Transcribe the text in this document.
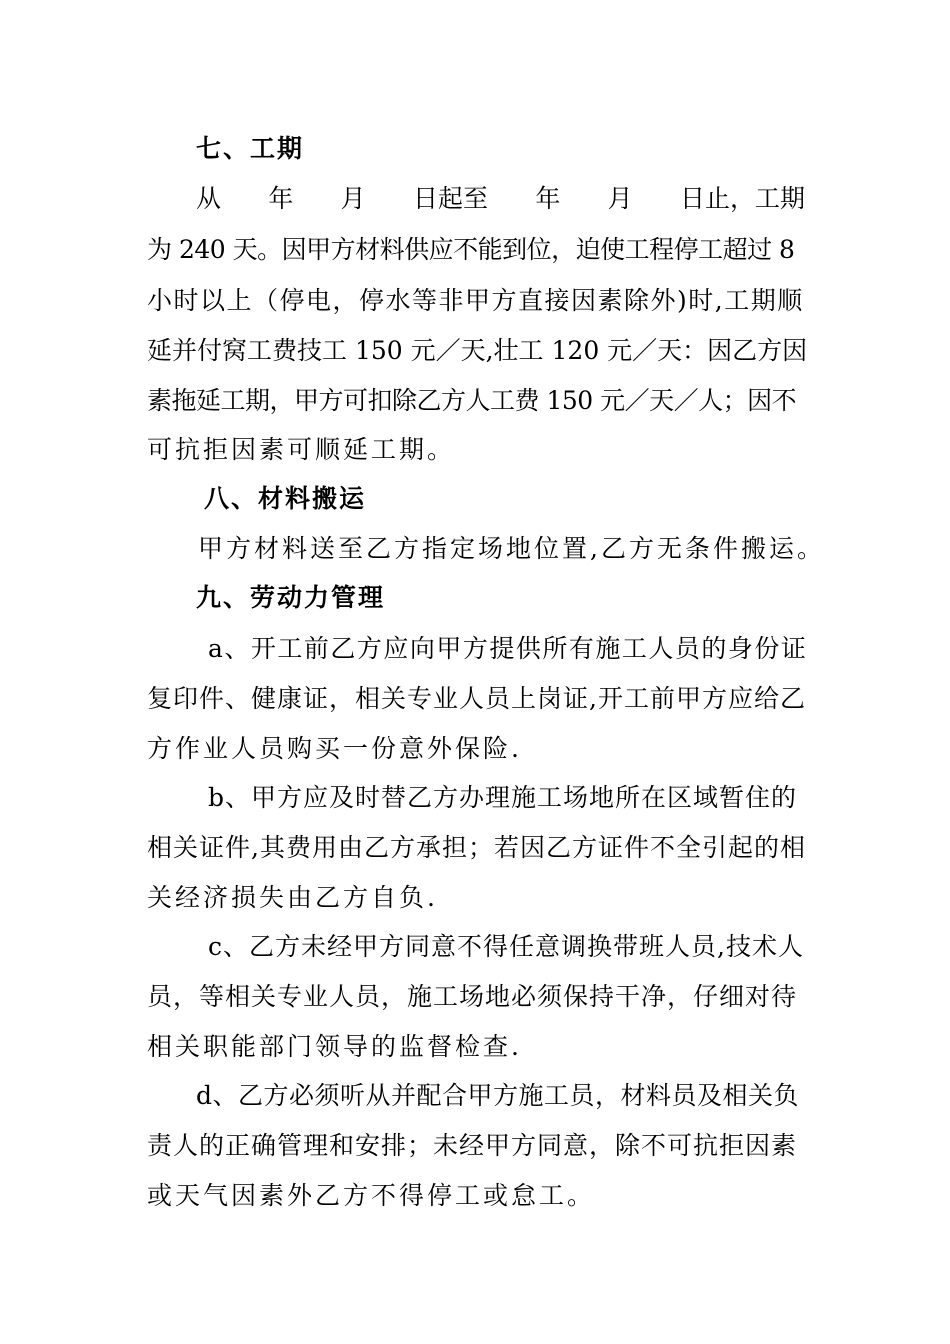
七、工期
从 年 月 日起至 年 月 日止，工期
为 240 天。因甲方材料供应不能到位，迫使工程停工超过 8
小时以上（停电，停水等非甲方直接因素除外)时,工期顺
延并付窝工费技工 150 元／天,壮工 120 元／天：因乙方因
素拖延工期，甲方可扣除乙方人工费 150 元／天／人；因不
可抗拒因素可顺延工期。
八、材料搬运
甲方材料送至乙方指定场地位置,乙方无条件搬运。
九、劳动力管理
a、开工前乙方应向甲方提供所有施工人员的身份证
复印件、健康证，相关专业人员上岗证,开工前甲方应给乙
方作业人员购买一份意外保险.
b、甲方应及时替乙方办理施工场地所在区域暂住的
相关证件,其费用由乙方承担；若因乙方证件不全引起的相
关经济损失由乙方自负.
c、乙方未经甲方同意不得任意调换带班人员,技术人
员，等相关专业人员，施工场地必须保持干净，仔细对待
相关职能部门领导的监督检查.
d、乙方必须听从并配合甲方施工员，材料员及相关负
责人的正确管理和安排；未经甲方同意，除不可抗拒因素
或天气因素外乙方不得停工或怠工。
